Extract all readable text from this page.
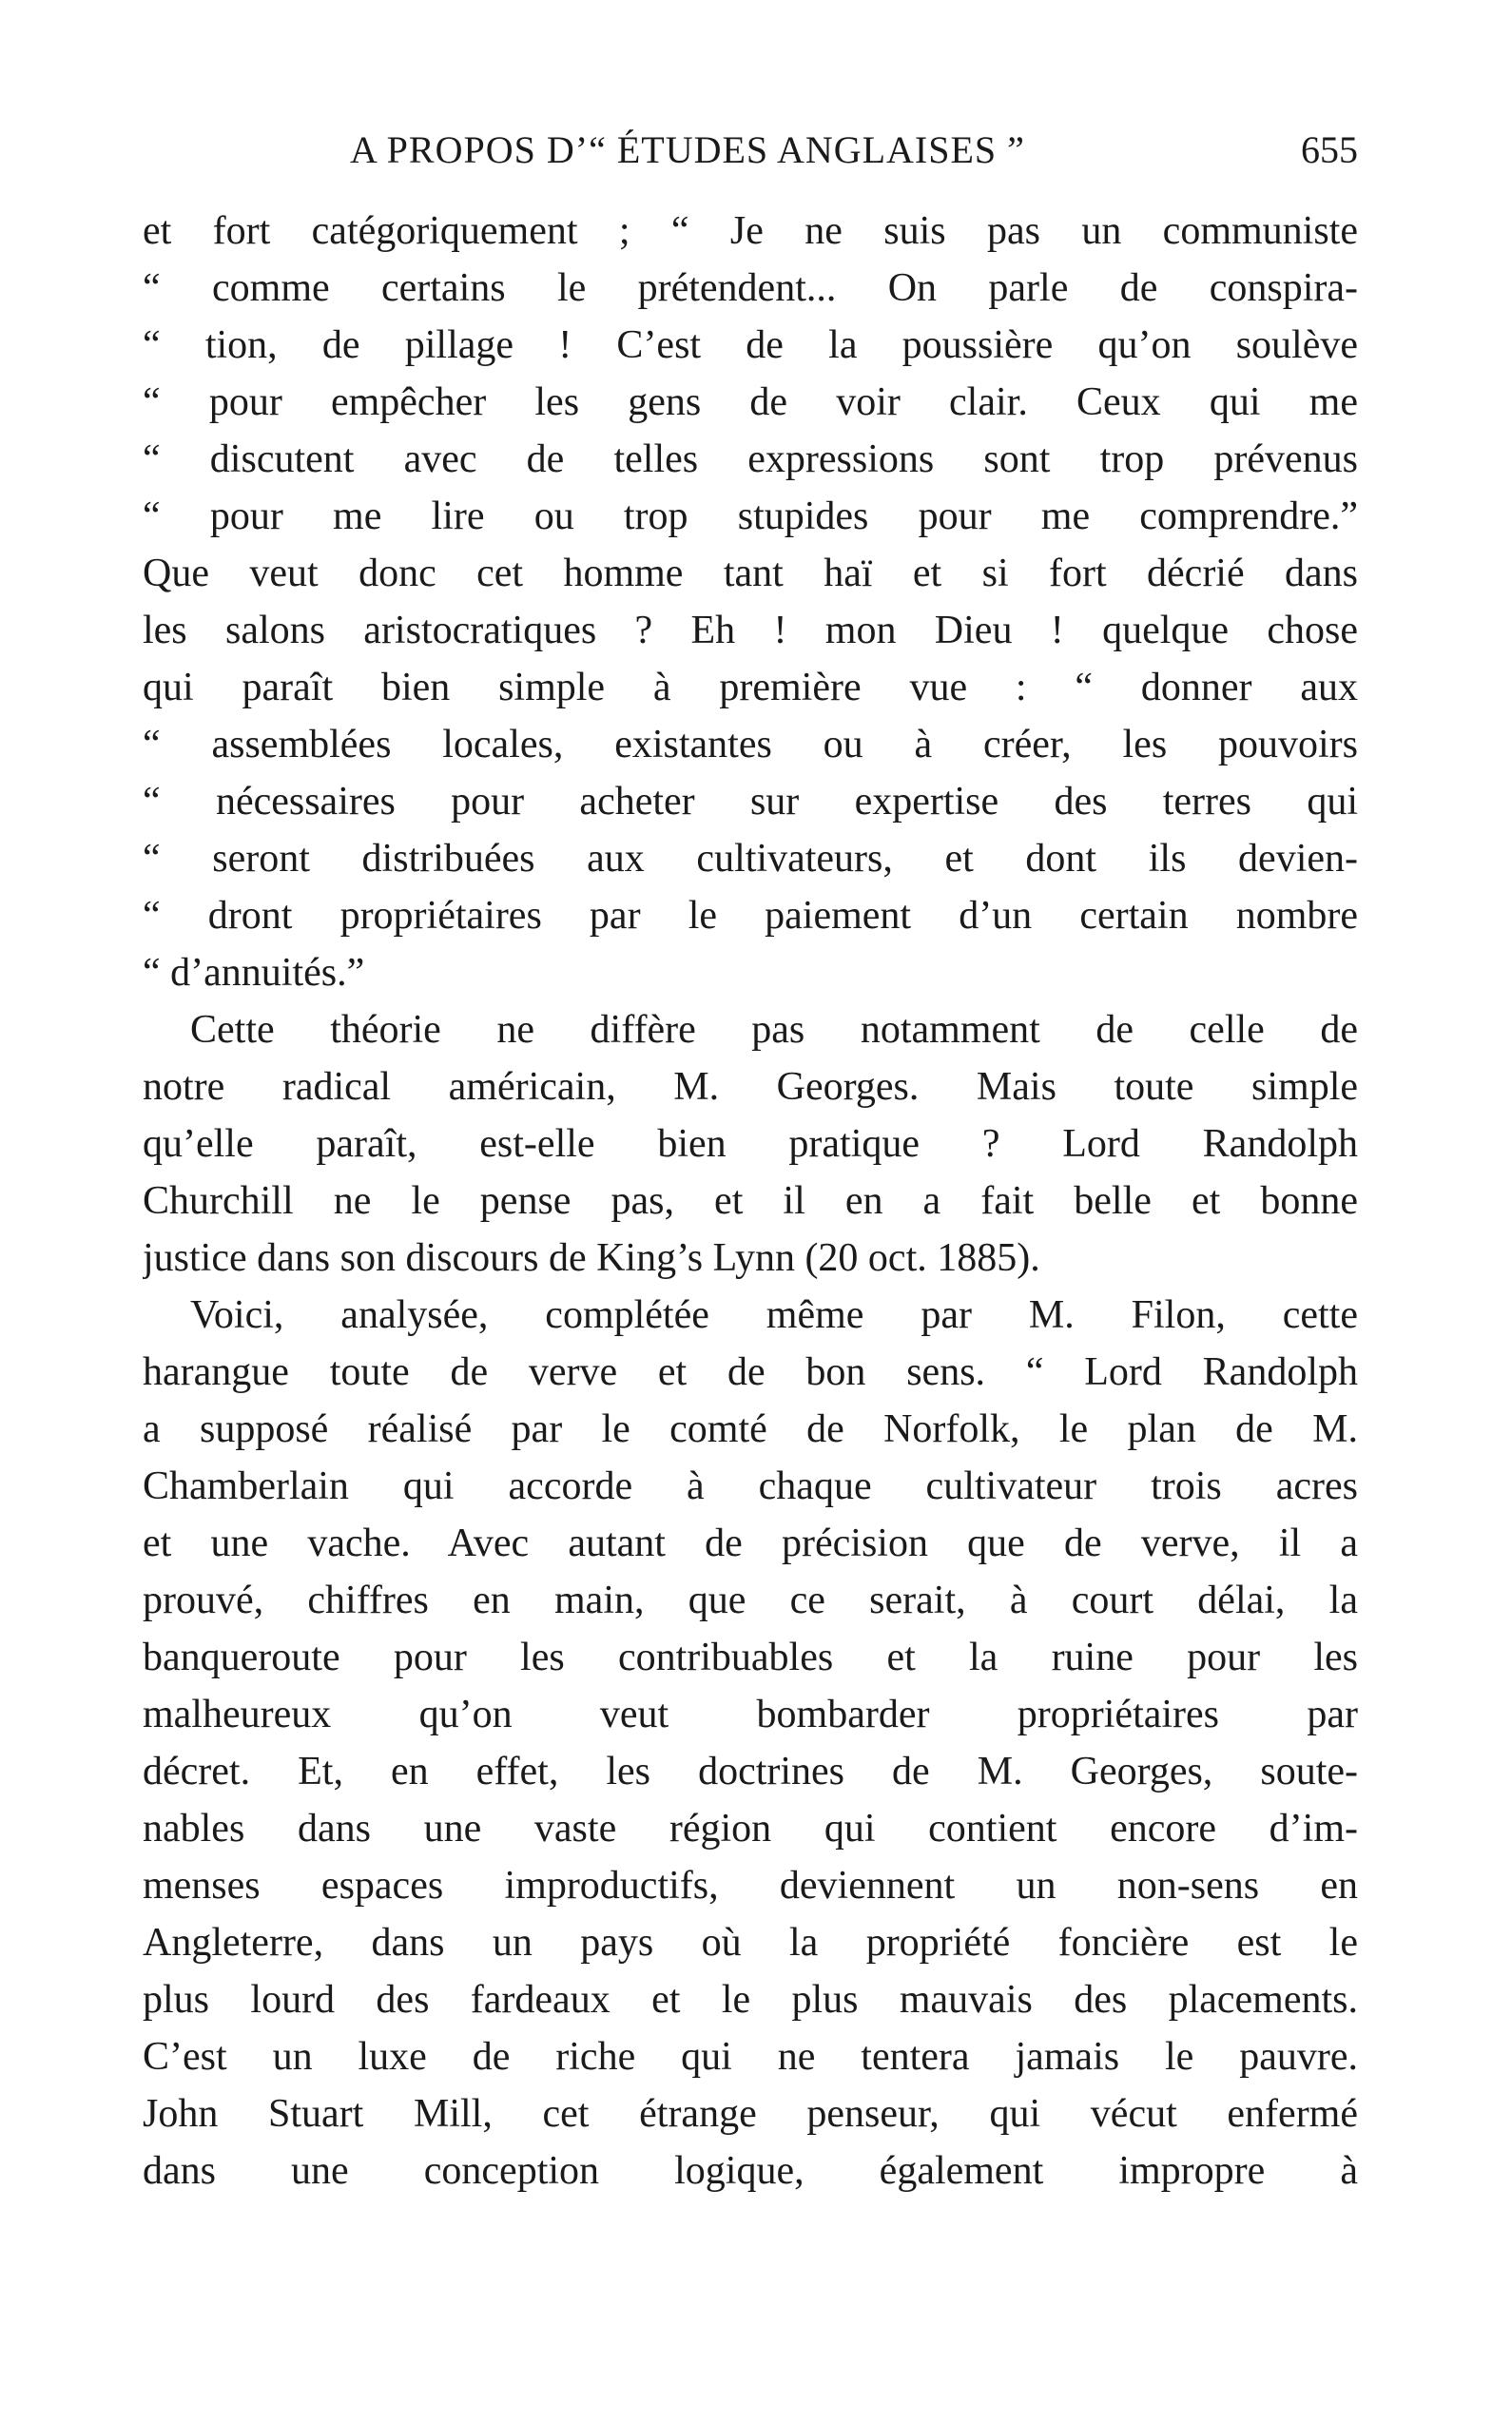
A PROPOS D’“ ÉTUDES ANGLAISES ”	655
et fort catégoriquement ; “ Je ne suis pas un communiste
“ comme certains le prétendent... On parle de conspira-
“ tion, de pillage ! C’est de la poussière qu’on soulève
“ pour empêcher les gens de voir clair. Ceux qui me
“ discutent avec de telles expressions sont trop prévenus
“ pour me lire ou trop stupides pour me comprendre.”
Que veut donc cet homme tant haï et si fort décrié dans
les salons aristocratiques ? Eh ! mon Dieu ! quelque chose
qui paraît bien simple à première vue : “ donner aux
“ assemblées locales, existantes ou à créer, les pouvoirs
“ nécessaires pour acheter sur expertise des terres qui
“ seront distribuées aux cultivateurs, et dont ils devien-
“ dront propriétaires par le paiement d’un certain nombre
“ d’annuités.”
Cette théorie ne diffère pas notamment de celle de
notre radical américain, M. Georges. Mais toute simple
qu’elle paraît, est-elle bien pratique ? Lord Randolph
Churchill ne le pense pas, et il en a fait belle et bonne
justice dans son discours de King’s Lynn (20 oct. 1885).
Voici, analysée, complétée même par M. Filon, cette
harangue toute de verve et de bon sens. “ Lord Randolph
a supposé réalisé par le comté de Norfolk, le plan de M.
Chamberlain qui accorde à chaque cultivateur trois acres
et une vache. Avec autant de précision que de verve, il a
prouvé, chiffres en main, que ce serait, à court délai, la
banqueroute pour les contribuables et la ruine pour les
malheureux qu’on veut bombarder propriétaires par
décret. Et, en effet, les doctrines de M. Georges, soute-
nables dans une vaste région qui contient encore d’im-
menses espaces improductifs, deviennent un non-sens en
Angleterre, dans un pays où la propriété foncière est le
plus lourd des fardeaux et le plus mauvais des placements.
C’est un luxe de riche qui ne tentera jamais le pauvre.
John Stuart Mill, cet étrange penseur, qui vécut enfermé
dans une conception logique, également impropre à
